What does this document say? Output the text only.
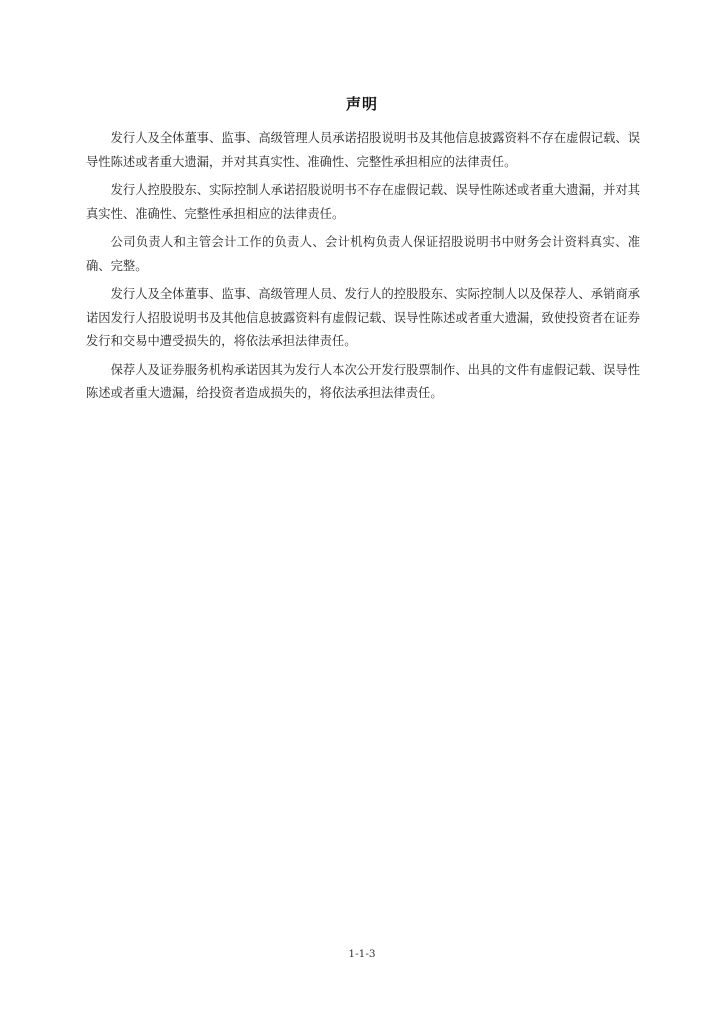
声明

发行人及全体董事、监事、高级管理人员承诺招股说明书及其他信息披露资料不存在虚假记载、误导性陈述或者重大遗漏，并对其真实性、准确性、完整性承担相应的法律责任。

发行人控股股东、实际控制人承诺招股说明书不存在虚假记载、误导性陈述或者重大遗漏，并对其真实性、准确性、完整性承担相应的法律责任。

公司负责人和主管会计工作的负责人、会计机构负责人保证招股说明书中财务会计资料真实、准确、完整。

发行人及全体董事、监事、高级管理人员、发行人的控股股东、实际控制人以及保荐人、承销商承诺因发行人招股说明书及其他信息披露资料有虚假记载、误导性陈述或者重大遗漏，致使投资者在证券发行和交易中遭受损失的，将依法承担法律责任。

保荐人及证券服务机构承诺因其为发行人本次公开发行股票制作、出具的文件有虚假记载、误导性陈述或者重大遗漏，给投资者造成损失的，将依法承担法律责任。

1-1-3
